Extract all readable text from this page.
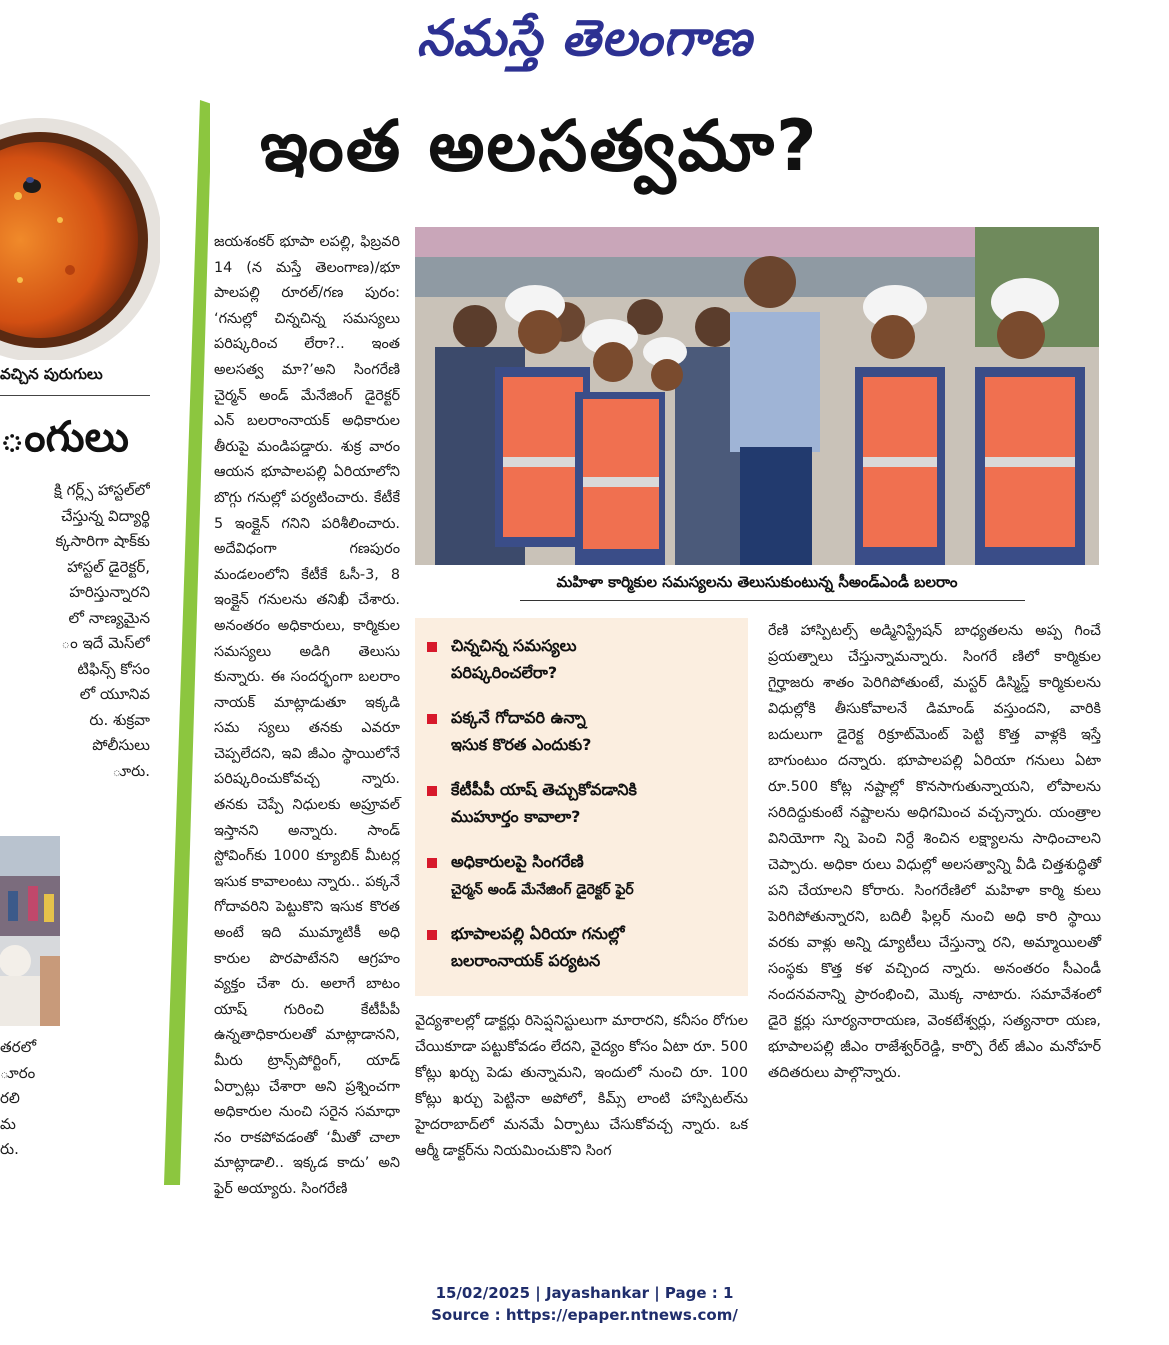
నమస్తే తెలంగాణ
వచ్చిన పురుగులు
ంగులు
క్షి గర్ల్స్ హాస్టల్‌లో
చేస్తున్న విద్యార్థి
క్కసారిగా షాక్‌కు
హాస్టల్ డైరెక్టర్,
హరిస్తున్నారని
లో నాణ్యమైన
ం ఇదే మెస్‌లో
టిఫిన్స్ కోసం
లో యూనివ
రు. శుక్రవా
పోలీసులు
ూరు.
తరలో
ూరం
రలి
మ
రు.
ఇంత అలసత్వమా?

జయశంకర్ భూపా లపల్లి, ఫిబ్రవరి 14 (న మస్తే తెలంగాణ)/భూ పాలపల్లి రూరల్/గణ పురం: ‘గనుల్లో చిన్నచిన్న సమస్యలు పరిష్కరించ లేరా?.. ఇంత అలసత్వ మా?’అని సింగరేణి చైర్మన్ అండ్ మేనేజింగ్ డైరెక్టర్ ఎన్ బలరాంనాయక్ అధికారుల తీరుపై మండిపడ్డారు. శుక్ర వారం ఆయన భూపాలపల్లి ఏరియాలోని బొగ్గు గనుల్లో పర్యటించారు. కేటీకే 5 ఇంక్లైన్ గనిని పరిశీలించారు. అదేవిధంగా గణపురం మండలంలోని కేటీకే ఓసీ-3, 8 ఇంక్లైన్ గనులను తనిఖీ చేశారు. అనంతరం అధికారులు, కార్మికుల సమస్యలు అడిగి తెలుసు కున్నారు. ఈ సందర్భంగా బలరాం నాయక్ మాట్లాడుతూ ఇక్కడి సమ స్యలు తనకు ఎవరూ చెప్పలేదని, ఇవి జీఎం స్థాయిలోనే పరిష్కరించుకోవచ్చ న్నారు. తనకు చెప్పే నిధులకు అప్రూవల్ ఇస్తానని అన్నారు. సాండ్ స్టోవింగ్‌కు 1000 క్యూబిక్ మీటర్ల ఇసుక కావాలంటు న్నారు.. పక్కనే గోదావరిని పెట్టుకొని ఇసుక కొరత అంటే ఇది ముమ్మాటికీ అధి కారుల పొరపాటేనని ఆగ్రహం వ్యక్తం చేశా రు. అలాగే బాటం యాష్ గురించి కేటీపీపీ ఉన్నతాధికారులతో మాట్లాడానని, మీరు ట్రాన్స్‌పోర్టింగ్, యాడ్ ఏర్పాట్లు చేశారా అని ప్రశ్నించగా అధికారుల నుంచి సరైన సమాధా నం రాకపోవడంతో ‘మీతో చాలా మాట్లాడాలి.. ఇక్కడ కాదు’ అని ఫైర్ అయ్యారు. సింగరేణి

మహిళా కార్మికుల సమస్యలను తెలుసుకుంటున్న సీఅండ్‌ఎండీ బలరాం
చిన్నచిన్న సమస్యలు
పరిష్కరించలేరా?
పక్కనే గోదావరి ఉన్నా
ఇసుక కొరత ఎందుకు?
కేటీపీపీ యాష్ తెచ్చుకోవడానికి
ముహూర్తం కావాలా?
అధికారులపై సింగరేణి
చైర్మన్ అండ్ మేనేజింగ్ డైరెక్టర్ ఫైర్
భూపాలపల్లి ఏరియా గనుల్లో
బలరాంనాయక్ పర్యటన

వైద్యశాలల్లో డాక్టర్లు రిసెప్షనిస్టులుగా మారారని, కనీసం రోగుల చేయికూడా పట్టుకోవడం లేదని, వైద్యం కోసం ఏటా రూ. 500 కోట్లు ఖర్చు పెడు తున్నామని, ఇందులో నుంచి రూ. 100 కోట్లు ఖర్చు పెట్టినా అపోలో, కిమ్స్ లాంటి హాస్పిటల్‌ను హైదరాబాద్‌లో మనమే ఏర్పాటు చేసుకోవచ్చ న్నారు. ఒక ఆర్మీ డాక్టర్‌ను నియమించుకొని సింగ

రేణి హాస్పిటల్స్ అడ్మినిస్ట్రేషన్ బాధ్యతలను అప్ప గించే ప్రయత్నాలు చేస్తున్నామన్నారు. సింగరే ణిలో కార్మికుల గైర్హాజరు శాతం పెరిగిపోతుంటే, మస్టర్ డిస్మిస్డ్ కార్మికులను విధుల్లోకి తీసుకోవాలనే డిమాండ్ వస్తుందని, వారికి బదులుగా డైరెక్ట రిక్రూట్‌మెంట్ పెట్టి కొత్త వాళ్లకి ఇస్తే బాగుంటుం దన్నారు. భూపాలపల్లి ఏరియా గనులు ఏటా రూ.500 కోట్ల నష్టాల్లో కొనసాగుతున్నాయని, లోపాలను సరిదిద్దుకుంటే నష్టాలను అధిగమించ వచ్చన్నారు. యంత్రాల వినియోగా న్ని పెంచి నిర్దే శించిన లక్ష్యాలను సాధించాలని చెప్పారు. అధికా రులు విధుల్లో అలసత్వాన్ని వీడి చిత్తశుద్ధితో పని చేయాలని కోరారు. సింగరేణిలో మహిళా కార్మి కులు పెరిగిపోతున్నారని, బదిలీ ఫిల్లర్ నుంచి అధి కారి స్థాయి వరకు వాళ్లు అన్ని డ్యూటీలు చేస్తున్నా రని, అమ్మాయిలతో సంస్థకు కొత్త కళ వచ్చింద న్నారు. అనంతరం సీఎండీ నందనవనాన్ని ప్రారంభించి, మొక్క నాటారు. సమావేశంలో డైరె క్టర్లు సూర్యనారాయణ, వెంకటేశ్వర్లు, సత్యనారా యణ, భూపాలపల్లి జీఎం రాజేశ్వర్‌రెడ్డి, కార్పొ రేట్ జీఎం మనోహర్ తదితరులు పాల్గొన్నారు.

15/02/2025 | Jayashankar | Page : 1
Source : https://epaper.ntnews.com/
